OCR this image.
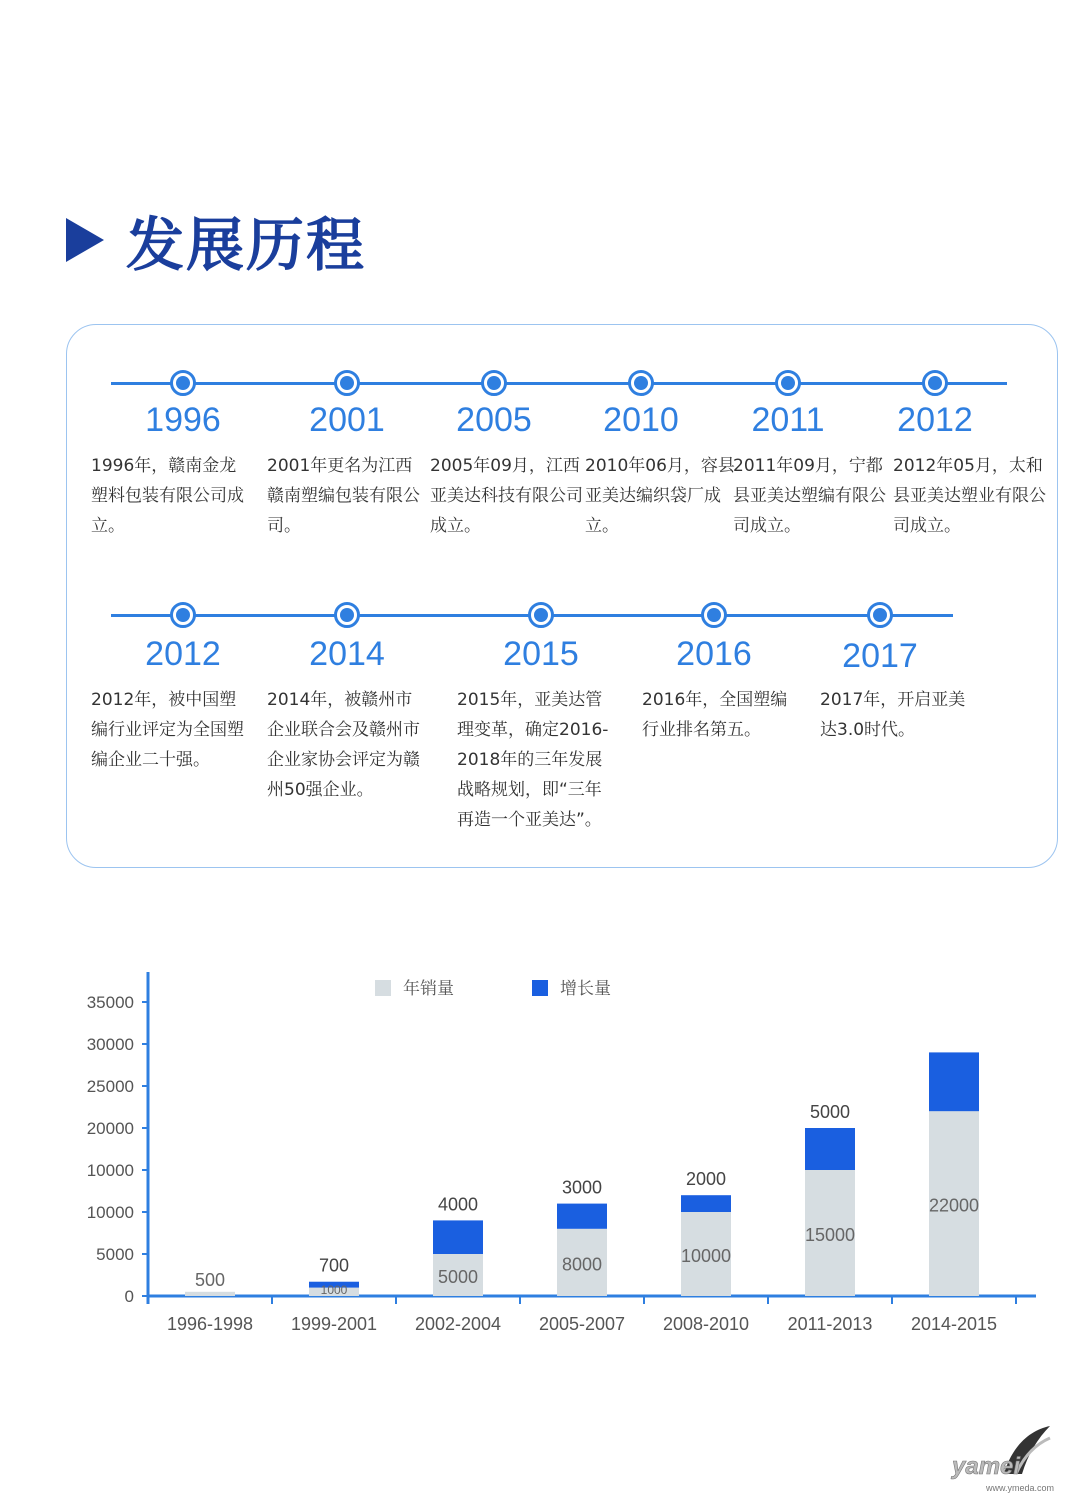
发展历程
1996
1996年，赣南金龙塑料包装有限公司成立。
2001
2001年更名为江西赣南塑编包装有限公司。
2005
2005年09月，江西亚美达科技有限公司成立。
2010
2010年06月，容县亚美达编织袋厂成立。
2011
2011年09月，宁都县亚美达塑编有限公司成立。
2012
2012年05月，太和县亚美达塑业有限公司成立。
2012
2012年，被中国塑编行业评定为全国塑编企业二十强。
2014
2014年，被赣州市企业联合会及赣州市企业家协会评定为赣州50强企业。
2015
2015年，亚美达管理变革，确定2016-2018年的三年发展战略规划，即“三年再造一个亚美达”。
2016
2016年，全国塑编行业排名第五。
2017
2017年，开启亚美达3.0时代。
0
5000
10000
10000
20000
25000
30000
35000
1996-1998
500
1999-2001
1000
700
2002-2004
5000
4000
2005-2007
8000
3000
2008-2010
10000
2000
2011-2013
15000
5000
2014-2015
22000
年销量	增长量
yamei
www.ymeda.com
